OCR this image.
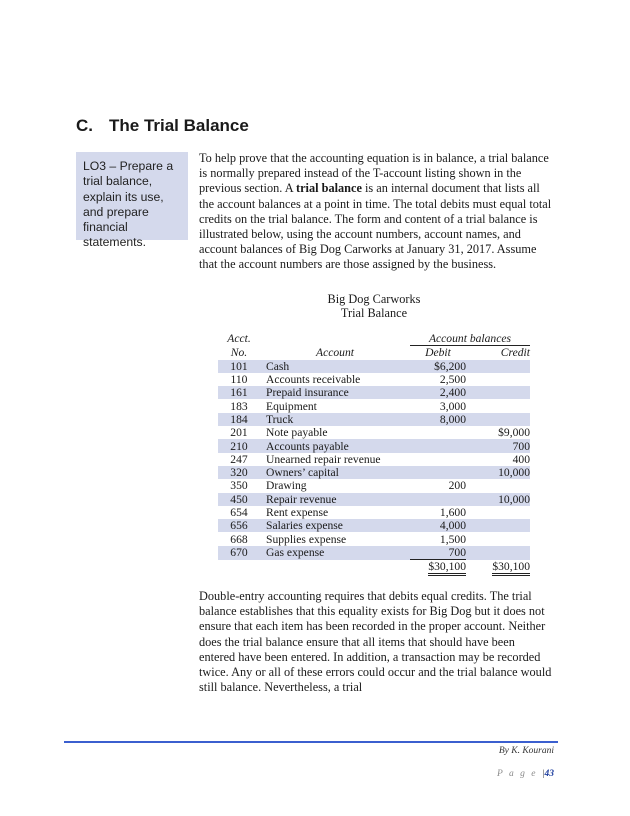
C. The Trial Balance
LO3 – Prepare a trial balance, explain its use, and prepare financial statements.

To help prove that the accounting equation is in balance, a trial balance is normally prepared instead of the T-account listing shown in the previous section. A trial balance is an internal document that lists all the account balances at a point in time. The total debits must equal total credits on the trial balance. The form and content of a trial balance is illustrated below, using the account numbers, account names, and account balances of Big Dog Carworks at January 31, 2017. Assume that the account numbers are those assigned by the business.

Big Dog Carworks
Trial Balance
Acct.		Account balances		
No.	Account	Debit		Credit
101	Cash	$6,200		
110	Accounts receivable	2,500		
161	Prepaid insurance	2,400		
183	Equipment	3,000		
184	Truck	8,000		
201	Note payable			$9,000
210	Accounts payable			700
247	Unearned repair revenue			400
320	Owners’ capital			10,000
350	Drawing	200		
450	Repair revenue			10,000
654	Rent expense	1,600		
656	Salaries expense	4,000		
668	Supplies expense	1,500		
670	Gas expense	700		
		$30,100		$30,100

Double-entry accounting requires that debits equal credits. The trial balance establishes that this equality exists for Big Dog but it does not ensure that each item has been recorded in the proper account. Neither does the trial balance ensure that all items that should have been entered have been entered. In addition, a transaction may be recorded twice. Any or all of these errors could occur and the trial balance would still balance. Nevertheless, a trial

By K. Kourani
P a g e |43
